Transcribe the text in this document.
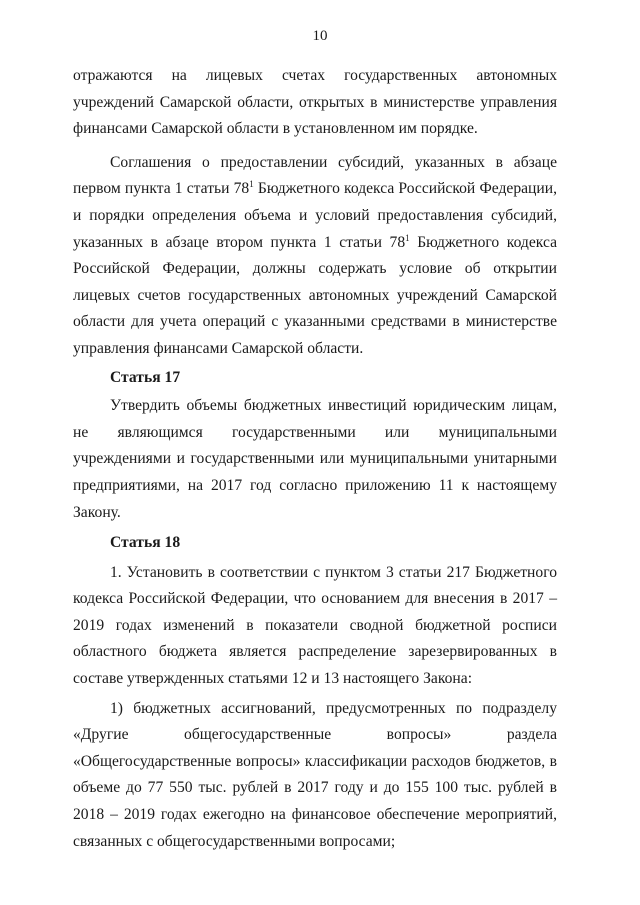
10

отражаются на лицевых счетах государственных автономных учреждений Самарской области, открытых в министерстве управления финансами Самарской области в установленном им порядке.

Соглашения о предоставлении субсидий, указанных в абзаце первом пункта 1 статьи $78^1$ Бюджетного кодекса Российской Федерации, и порядки определения объема и условий предоставления субсидий, указанных в абзаце втором пункта 1 статьи $78^1$ Бюджетного кодекса Российской Федерации, должны содержать условие об открытии лицевых счетов государственных автономных учреждений Самарской области для учета операций с указанными средствами в министерстве управления финансами Самарской области.

Статья 17

Утвердить объемы бюджетных инвестиций юридическим лицам, не являющимся государственными или муниципальными учреждениями и государственными или муниципальными унитарными предприятиями, на 2017 год согласно приложению 11 к настоящему Закону.

Статья 18

1. Установить в соответствии с пунктом 3 статьи 217 Бюджетного кодекса Российской Федерации, что основанием для внесения в 2017 – 2019 годах изменений в показатели сводной бюджетной росписи областного бюджета является распределение зарезервированных в составе утвержденных статьями 12 и 13 настоящего Закона:

1) бюджетных ассигнований, предусмотренных по подразделу «Другие общегосударственные вопросы» раздела «Общегосударственные вопросы» классификации расходов бюджетов, в объеме до 77 550 тыс. рублей в 2017 году и до 155 100 тыс. рублей в 2018 – 2019 годах ежегодно на финансовое обеспечение мероприятий, связанных с общегосударственными вопросами;
